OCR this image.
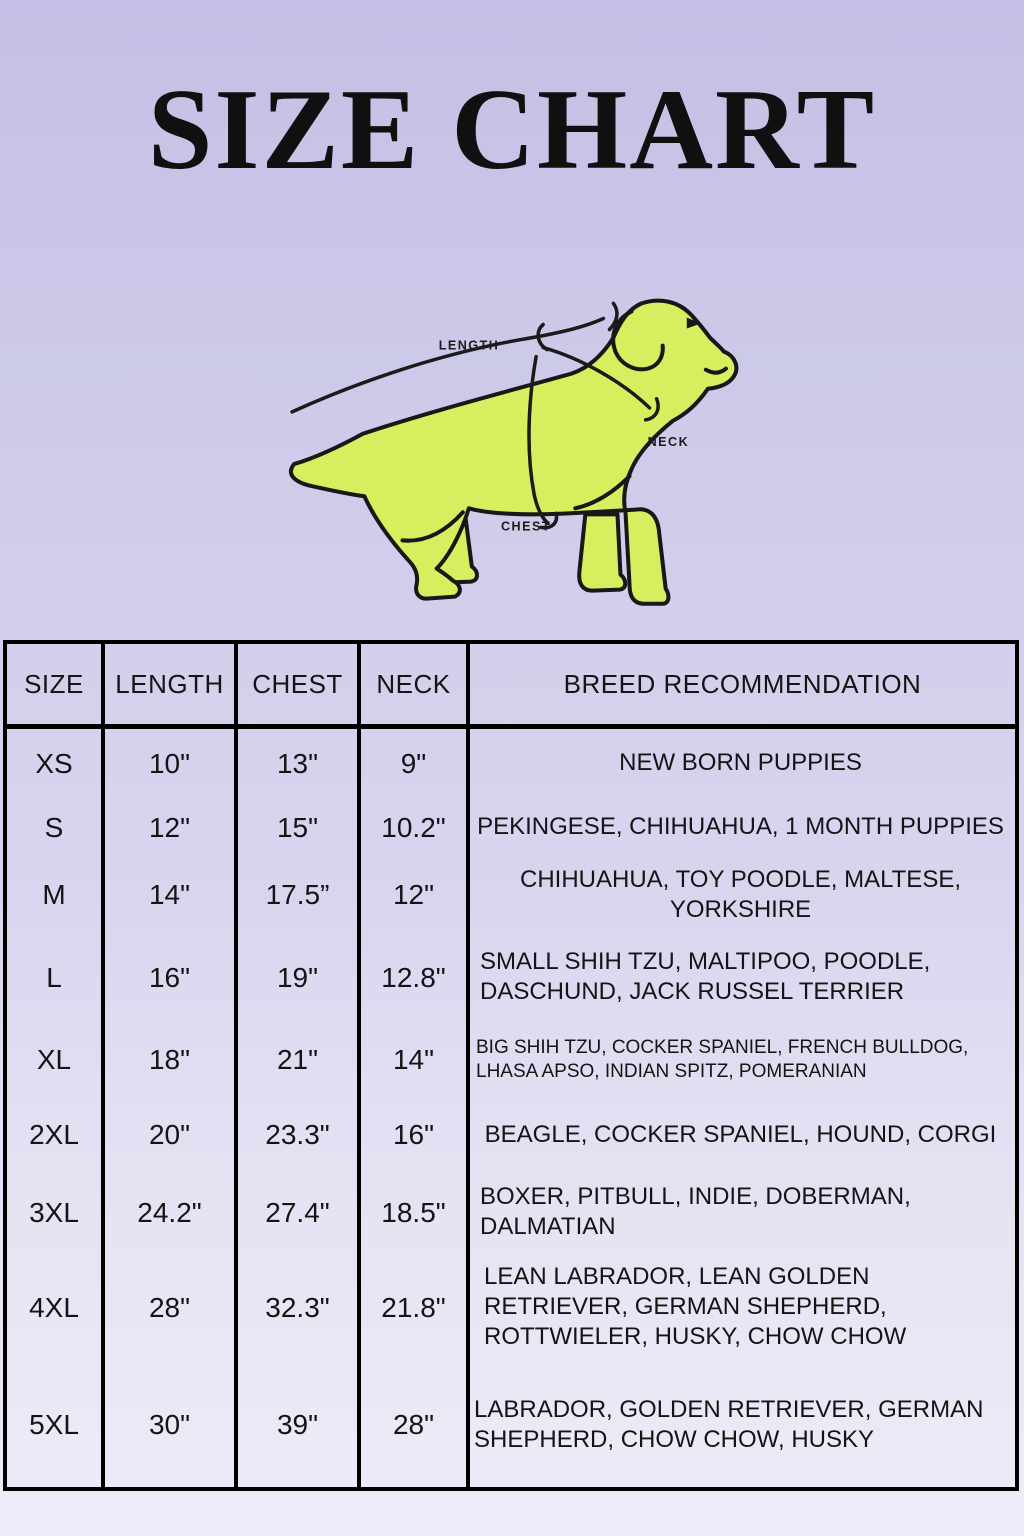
SIZE CHART
LENGTH
NECK
CHEST
SIZE	LENGTH	CHEST	NECK	BREED RECOMMENDATION
XS	10"	13"	9"	NEW BORN PUPPIES
S	12"	15"	10.2"	PEKINGESE, CHIHUAHUA, 1 MONTH PUPPIES
M	14"	17.5”	12"	CHIHUAHUA, TOY POODLE, MALTESE,
YORKSHIRE
L	16"	19"	12.8"	SMALL SHIH TZU, MALTIPOO, POODLE,
DASCHUND, JACK RUSSEL TERRIER
XL	18"	21"	14"	BIG SHIH TZU, COCKER SPANIEL, FRENCH BULLDOG,
LHASA APSO, INDIAN SPITZ, POMERANIAN
2XL	20"	23.3"	16"	BEAGLE, COCKER SPANIEL, HOUND, CORGI
3XL	24.2"	27.4"	18.5"	BOXER, PITBULL, INDIE, DOBERMAN,
DALMATIAN
4XL	28"	32.3"	21.8"
LEAN LABRADOR, LEAN GOLDEN
RETRIEVER, GERMAN SHEPHERD,
ROTTWIELER, HUSKY, CHOW CHOW
5XL	30"	39"	28"	LABRADOR, GOLDEN RETRIEVER, GERMAN
SHEPHERD, CHOW CHOW, HUSKY
